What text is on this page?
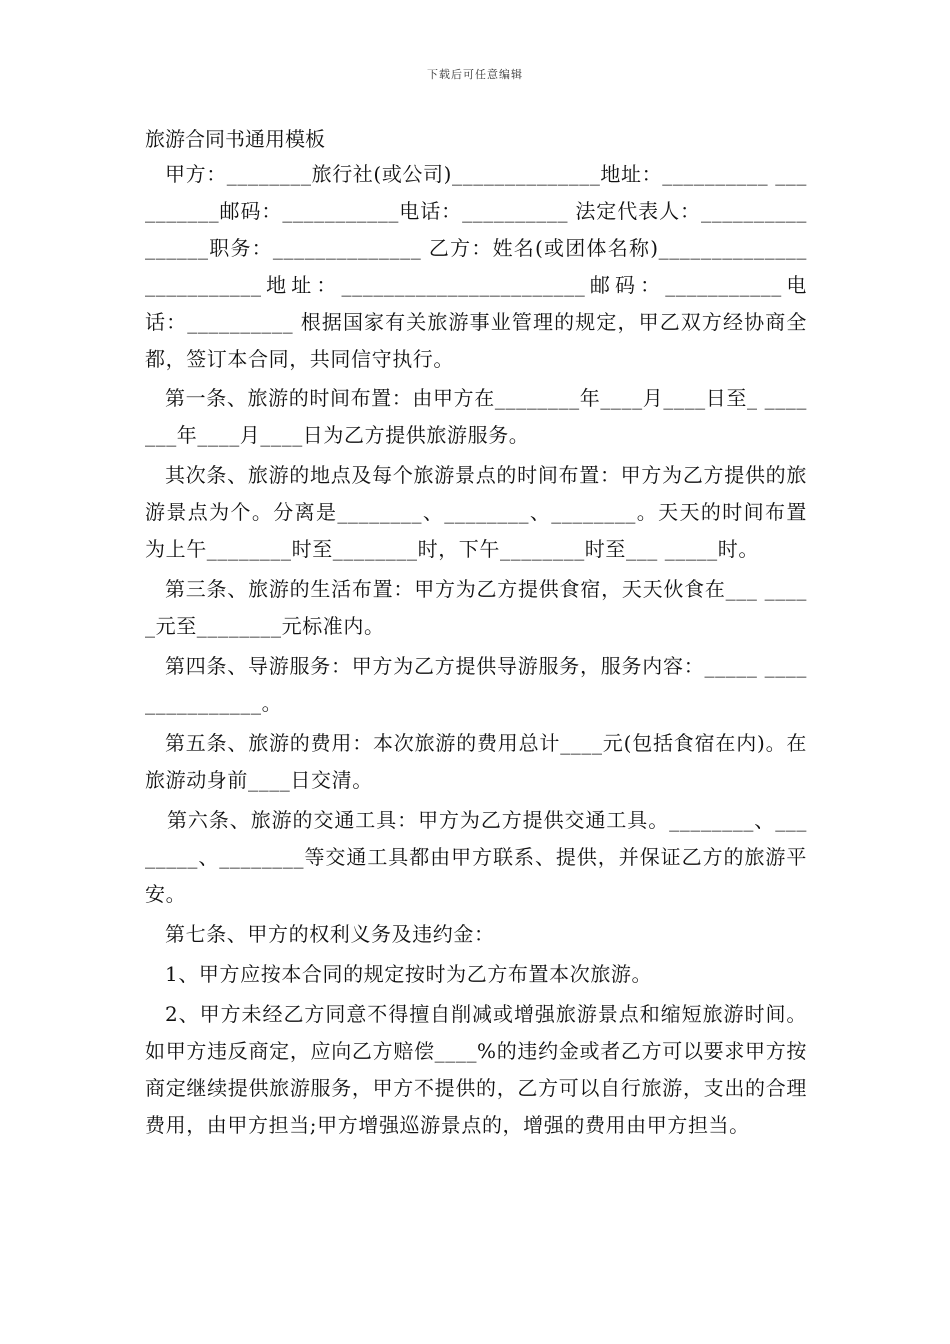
下载后可任意编辑

旅游合同书通用模板

甲方：________旅行社(或公司)______________地址：__________ __________邮码：___________电话：__________ 法定代表人：________________职务：______________ 乙方：姓名(或团体名称)_________________________地址：_______________________邮码：___________电话：__________ 根据国家有关旅游事业管理的规定，甲乙双方经协商全都，签订本合同，共同信守执行。

第一条、旅游的时间布置：由甲方在________年____月____日至_ _______年____月____日为乙方提供旅游服务。

其次条、旅游的地点及每个旅游景点的时间布置：甲方为乙方提供的旅游景点为个。分离是________、________、________。天天的时间布置为上午________时至________时，下午________时至___ _____时。

第三条、旅游的生活布置：甲方为乙方提供食宿，天天伙食在___ _____元至________元标准内。

第四条、导游服务：甲方为乙方提供导游服务，服务内容：_____ _______________。

第五条、旅游的费用：本次旅游的费用总计____元(包括食宿在内)。在旅游动身前____日交清。

第六条、旅游的交通工具：甲方为乙方提供交通工具。________、________、________等交通工具都由甲方联系、提供，并保证乙方的旅游平安。

第七条、甲方的权利义务及违约金：

1、甲方应按本合同的规定按时为乙方布置本次旅游。

2、甲方未经乙方同意不得擅自削减或增强旅游景点和缩短旅游时间。如甲方违反商定，应向乙方赔偿____%的违约金或者乙方可以要求甲方按商定继续提供旅游服务，甲方不提供的，乙方可以自行旅游，支出的合理费用，由甲方担当;甲方增强巡游景点的，增强的费用由甲方担当。
